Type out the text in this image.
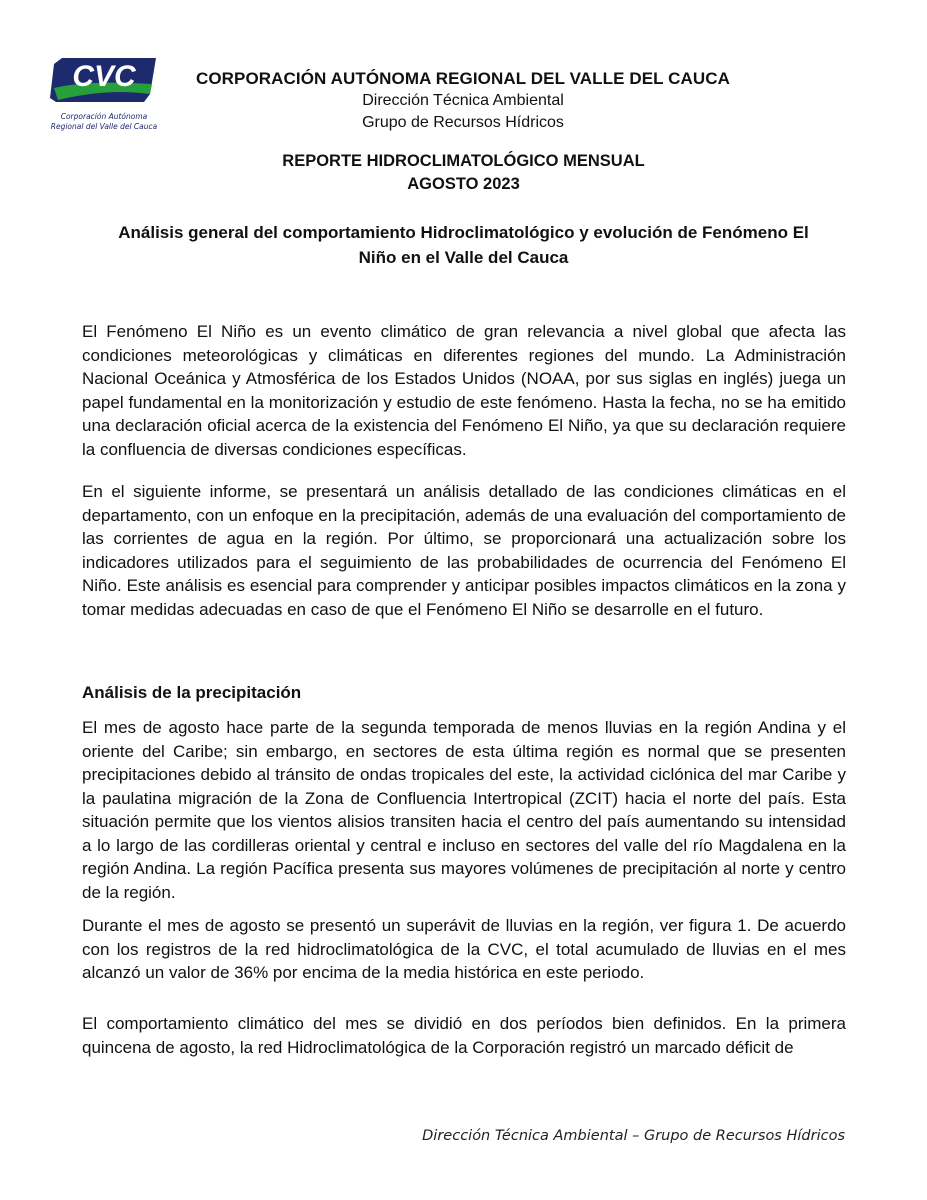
CVC
Corporación Autónoma
Regional del Valle del Cauca
CORPORACIÓN AUTÓNOMA REGIONAL DEL VALLE DEL CAUCA
Dirección Técnica Ambiental
Grupo de Recursos Hídricos
REPORTE HIDROCLIMATOLÓGICO MENSUAL
AGOSTO 2023
Análisis general del comportamiento Hidroclimatológico y evolución de Fenómeno El
Niño en el Valle del Cauca

El Fenómeno El Niño es un evento climático de gran relevancia a nivel global que afecta las condiciones meteorológicas y climáticas en diferentes regiones del mundo. La Administración Nacional Oceánica y Atmosférica de los Estados Unidos (NOAA, por sus siglas en inglés) juega un papel fundamental en la monitorización y estudio de este fenómeno. Hasta la fecha, no se ha emitido una declaración oficial acerca de la existencia del Fenómeno El Niño, ya que su declaración requiere la confluencia de diversas condiciones específicas.

En el siguiente informe, se presentará un análisis detallado de las condiciones climáticas en el departamento, con un enfoque en la precipitación, además de una evaluación del comportamiento de las corrientes de agua en la región. Por último, se proporcionará una actualización sobre los indicadores utilizados para el seguimiento de las probabilidades de ocurrencia del Fenómeno El Niño. Este análisis es esencial para comprender y anticipar posibles impactos climáticos en la zona y tomar medidas adecuadas en caso de que el Fenómeno El Niño se desarrolle en el futuro.

Análisis de la precipitación

El mes de agosto hace parte de la segunda temporada de menos lluvias en la región Andina y el oriente del Caribe; sin embargo, en sectores de esta última región es normal que se presenten precipitaciones debido al tránsito de ondas tropicales del este, la actividad ciclónica del mar Caribe y la paulatina migración de la Zona de Confluencia Intertropical (ZCIT) hacia el norte del país. Esta situación permite que los vientos alisios transiten hacia el centro del país aumentando su intensidad a lo largo de las cordilleras oriental y central e incluso en sectores del valle del río Magdalena en la región Andina. La región Pacífica presenta sus mayores volúmenes de precipitación al norte y centro de la región.

Durante el mes de agosto se presentó un superávit de lluvias en la región, ver figura 1. De acuerdo con los registros de la red hidroclimatológica de la CVC, el total acumulado de lluvias en el mes alcanzó un valor de 36% por encima de la media histórica en este periodo.

El comportamiento climático del mes se dividió en dos períodos bien definidos. En la primera quincena de agosto, la red Hidroclimatológica de la Corporación registró un marcado déficit de

Dirección Técnica Ambiental – Grupo de Recursos Hídricos
